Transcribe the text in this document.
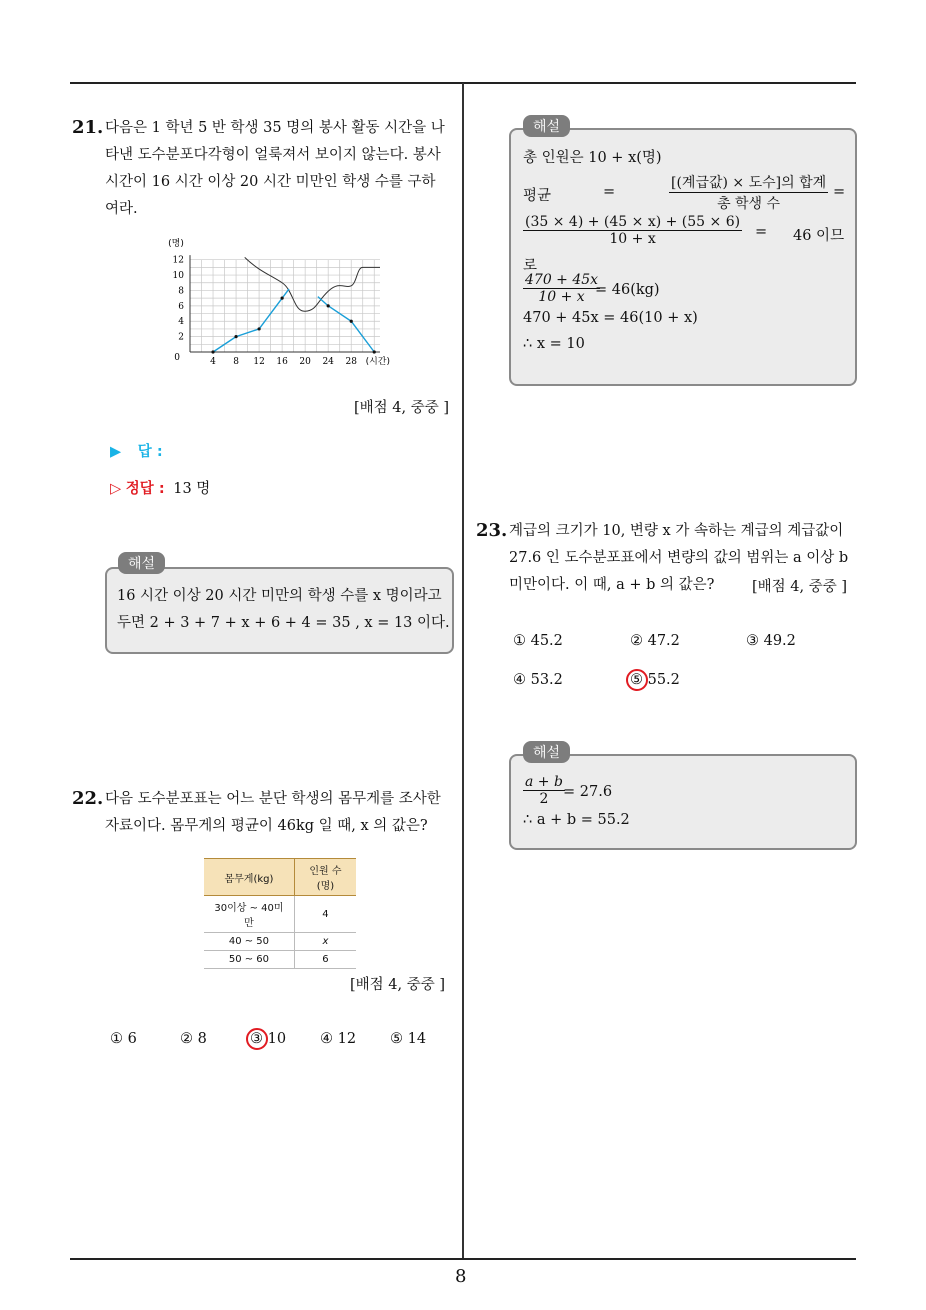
8
21. 다음은 1 학년 5 반 학생 35 명의 봉사 활동 시간을 나
타낸 도수분포다각형이 얼룩져서 보이지 않는다. 봉사
시간이 16 시간 이상 20 시간 미만인 학생 수를 구하
여라.
4 8 12 16 20 24 28
2
4
6
8
10
12
0
(명)
(시간)
[배점 4, 중중 ]
▶ 답 :
▷ 정답 : 13 명
16 시간 이상 20 시간 미만의 학생 수를 x 명이라고
두면 2 + 3 + 7 + x + 6 + 4 = 35 , x = 13 이다.
해설
22. 다음 도수분포표는 어느 분단 학생의 몸무게를 조사한
자료이다. 몸무게의 평균이 46kg 일 때, x 의 값은?
몸무게(kg)	인원 수(명)
30이상 ~ 40미만	4
40 ~ 50	x
50 ~ 60	6
[배점 4, 중중 ]
① 6	② 8	③ 10 ④ 12 ⑤ 14
총 인원은 10 + x(명)
평균	=
[(계급값) × 도수]의 합계
총 학생 수
=
$\frac{(35 \times 4) + (45 \times x) + (55 \times 6)}{10 + x} = 46$ 이므
로
$\frac{470 + 45x}{10 + x}$
= 46(kg)
470 + 45x = 46(10 + x)
∴ x = 10
해설
23. 계급의 크기가 10, 변량 x 가 속하는 계급의 계급값이
27.6 인 도수분포표에서 변량의 값의 범위는 a 이상 b
미만이다. 이 때, a + b 의 값은?	[배점 4, 중중 ]
① 45.2	② 47.2	③ 49.2
④ 53.2	⑤ 55.2
$\frac{a + b}{2}$
= 27.6
∴ a + b = 55.2
해설
